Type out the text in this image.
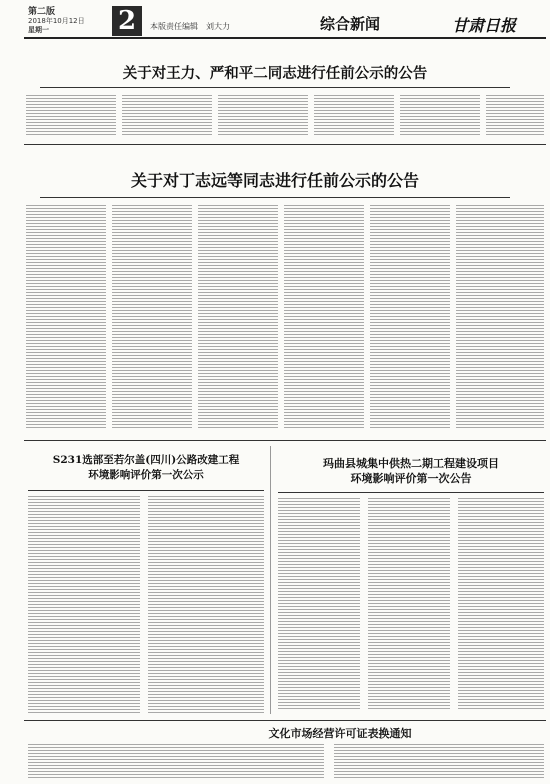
第二版
2018年10月12日
星期一	2	本版责任编辑　刘大力	综合新闻	甘肃日报
关于对王力、严和平二同志进行任前公示的公告
关于对丁志远等同志进行任前公示的公告
S231选部至若尔盖(四川)公路改建工程
环境影响评价第一次公示
玛曲县城集中供热二期工程建设项目
环境影响评价第一次公告
文化市场经营许可证表换通知
